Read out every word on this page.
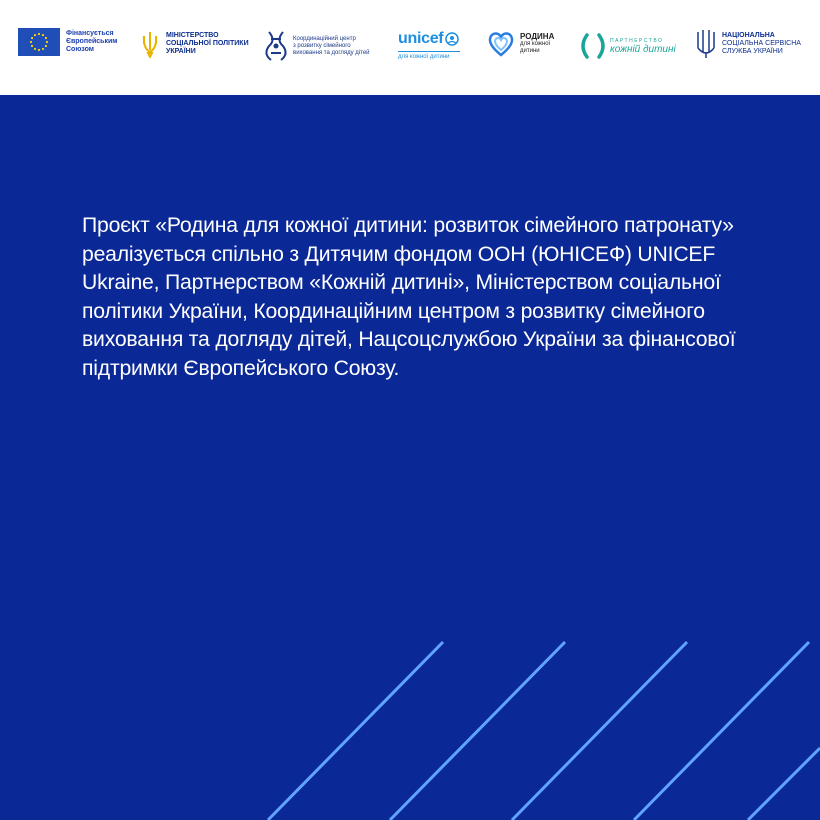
Фінансується
Європейським
Союзом
МІНІСТЕРСТВО
СОЦІАЛЬНОЇ ПОЛІТИКИ
УКРАЇНИ
Координаційний центр
з розвитку сімейного
виховання та догляду дітей
unicef
для кожної дитини
РОДИНА
для кожної
дитини
ПАРТНЕРСТВО
кожній дитині
НАЦІОНАЛЬНА
СОЦІАЛЬНА СЕРВІСНА
СЛУЖБА УКРАЇНИ

Проєкт «Родина для кожної дитини: розвиток сімейного патронату» реалізується спільно з Дитячим фондом ООН (ЮНІСЕФ) UNICEF Ukraine, Партнерством «Кожній дитині», Міністерством соціальної політики України, Координаційним центром з розвитку сімейного виховання та догляду дітей, Нацсоцслужбою України за фінансової підтримки Європейського Союзу.
